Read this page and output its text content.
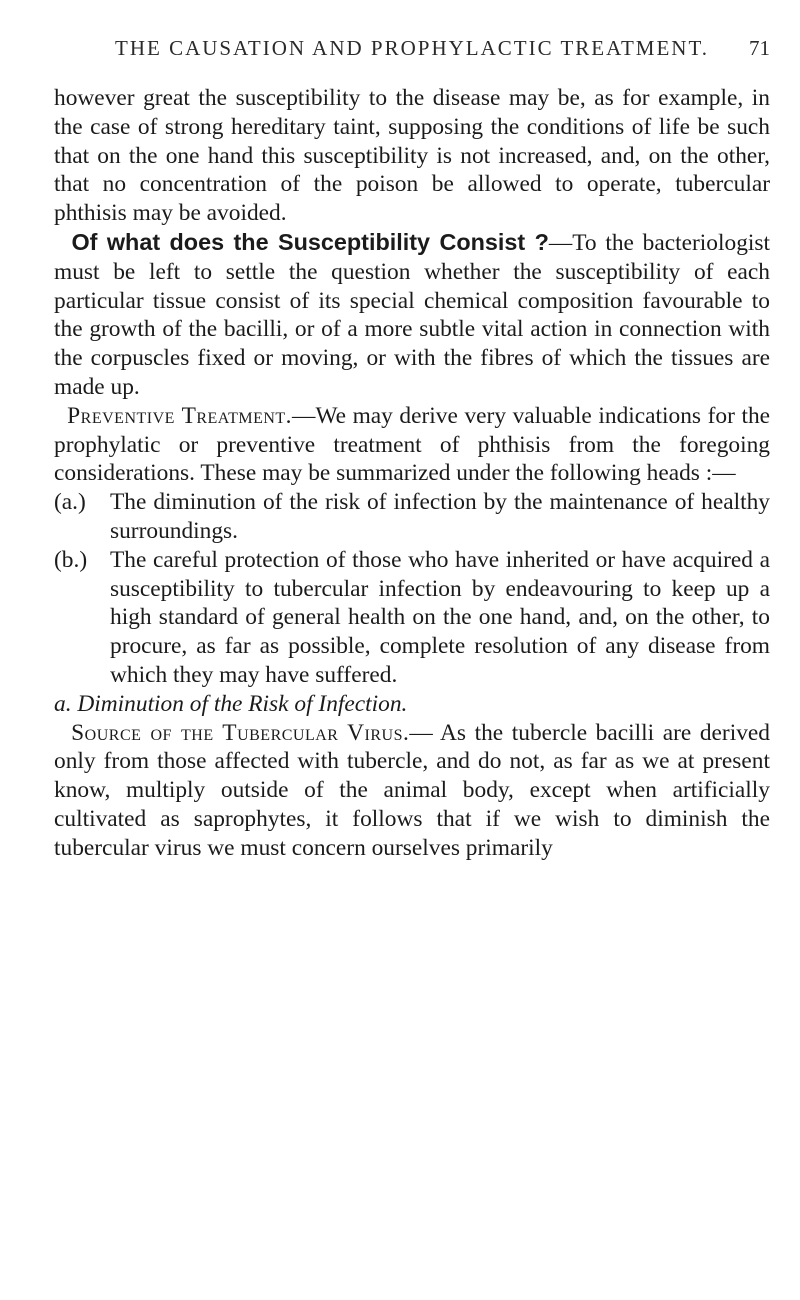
THE CAUSATION AND PROPHYLACTIC TREATMENT. 71

however great the susceptibility to the disease may be, as for example, in the case of strong hereditary taint, supposing the conditions of life be such that on the one hand this susceptibility is not increased, and, on the other, that no concentration of the poison be allowed to operate, tubercular phthisis may be avoided.

Of what does the Susceptibility Consist ?—To the bacteriologist must be left to settle the question whether the susceptibility of each particular tissue consist of its special chemical composition favourable to the growth of the bacilli, or of a more subtle vital action in connection with the corpuscles fixed or moving, or with the fibres of which the tissues are made up.

Preventive Treatment.—We may derive very valuable indications for the prophylatic or preventive treatment of phthisis from the foregoing considerations. These may be summarized under the following heads :—

(a.)	The diminution of the risk of infection by the maintenance of healthy surroundings.
(b.) The careful protection of those who have inherited or have acquired a susceptibility to tubercular infection by endeavouring to keep up a high standard of general health on the one hand, and, on the other, to procure, as far as possible, complete resolution of any disease from which they may have suffered.

a. Diminution of the Risk of Infection.

Source of the Tubercular Virus.— As the tubercle bacilli are derived only from those affected with tubercle, and do not, as far as we at present know, multiply outside of the animal body, except when artificially cultivated as saprophytes, it follows that if we wish to diminish the tubercular virus we must concern ourselves primarily
